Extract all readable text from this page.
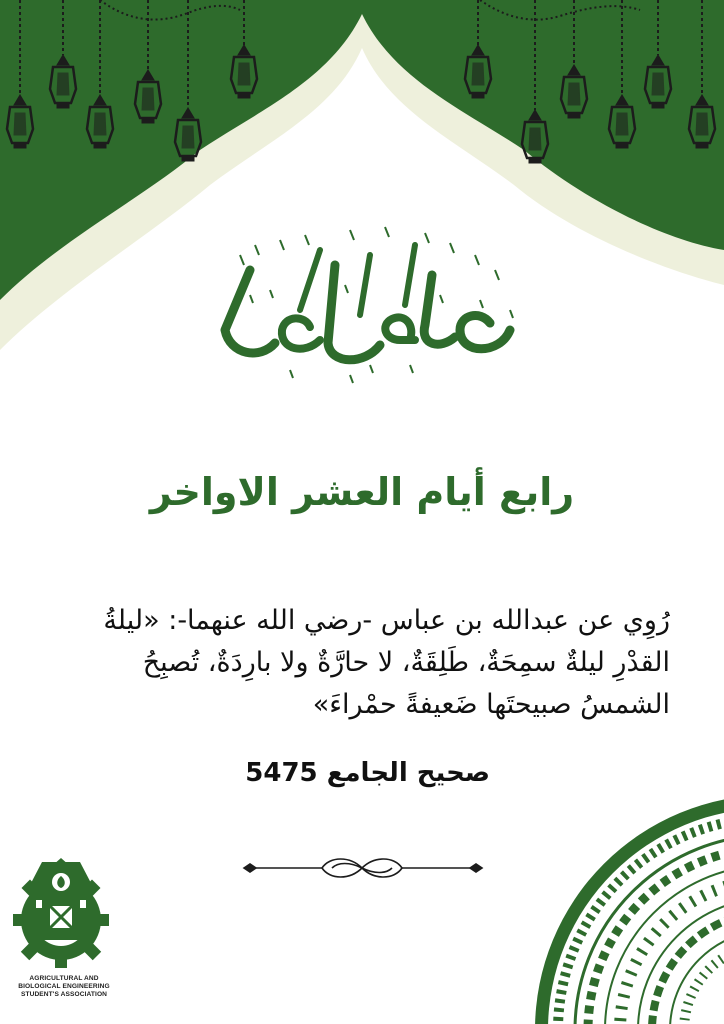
رابع أيام العشر الاواخر
رُوِي عن عبدالله بن عباس -رضي الله عنهما-: «ليلةُ
القدْرِ ليلةٌ سمِحَةٌ، طَلِقَةٌ، لا حارَّةٌ ولا بارِدَةٌ، تُصبِحُ
الشمسُ صبيحتَها ضَعيفةً حمْراءَ»
صحيح الجامع 5475
AGRICULTURAL AND
BIOLOGICAL ENGINEERING
STUDENT'S ASSOCIATION
